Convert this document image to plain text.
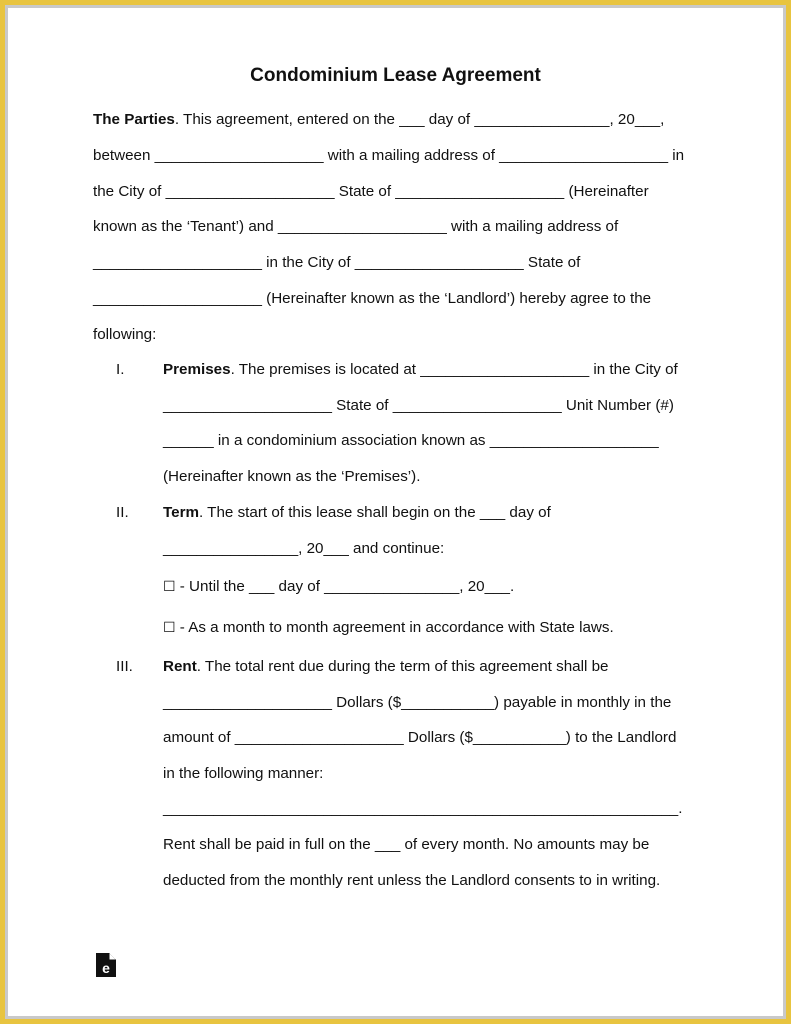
Condominium Lease Agreement
The Parties. This agreement, entered on the ___ day of ________________, 20___,
between ____________________ with a mailing address of ____________________ in
the City of ____________________ State of ____________________ (Hereinafter
known as the ‘Tenant’) and ____________________ with a mailing address of
____________________ in the City of ____________________ State of
____________________ (Hereinafter known as the ‘Landlord’) hereby agree to the
following:
I.	Premises. The premises is located at ____________________ in the City of
____________________ State of ____________________ Unit Number (#)
______ in a condominium association known as ____________________
(Hereinafter known as the ‘Premises’).
II. Term. The start of this lease shall begin on the ___ day of
________________, 20___ and continue:
☐ - Until the ___ day of ________________, 20___.
☐ - As a month to month agreement in accordance with State laws.
III. Rent. The total rent due during the term of this agreement shall be
____________________ Dollars ($___________) payable in monthly in the
amount of ____________________ Dollars ($___________) to the Landlord
in the following manner:
_____________________________________________________________.
Rent shall be paid in full on the ___ of every month. No amounts may be
deducted from the monthly rent unless the Landlord consents to in writing.
e
